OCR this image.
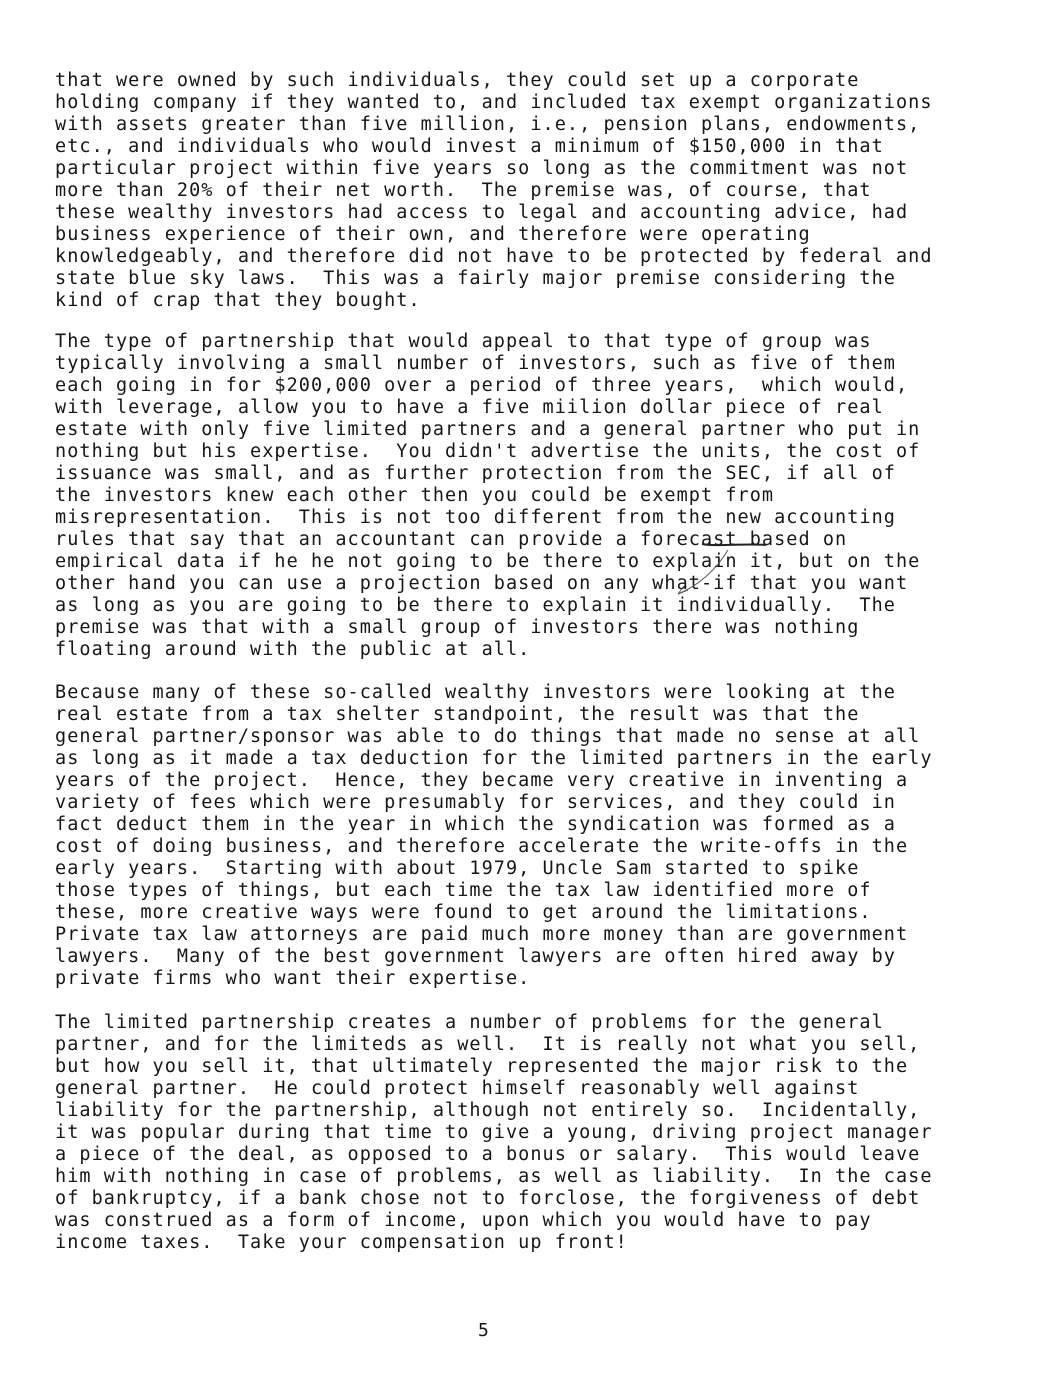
that were owned by such individuals, they could set up a corporate
holding company if they wanted to, and included tax exempt organizations
with assets greater than five million, i.e., pension plans, endowments,
etc., and individuals who would invest a minimum of $150,000 in that
particular project within five years so long as the commitment was not
more than 20% of their net worth.  The premise was, of course, that
these wealthy investors had access to legal and accounting advice, had
business experience of their own, and therefore were operating
knowledgeably, and therefore did not have to be protected by federal and
state blue sky laws.  This was a fairly major premise considering the
kind of crap that they bought.
The type of partnership that would appeal to that type of group was
typically involving a small number of investors, such as five of them
each going in for $200,000 over a period of three years,  which would,
with leverage, allow you to have a five miilion dollar piece of real
estate with only five limited partners and a general partner who put in
nothing but his expertise.  You didn't advertise the units, the cost of
issuance was small, and as further protection from the SEC, if all of
the investors knew each other then you could be exempt from
misrepresentation.  This is not too different from the new accounting
rules that say that an accountant can provide a forecast based on
empirical data if he he not going to be there to explain it, but on the
other hand you can use a projection based on any what-if that you want
as long as you are going to be there to explain it individually.  The
premise was that with a small group of investors there was nothing
floating around with the public at all.
Because many of these so-called wealthy investors were looking at the
real estate from a tax shelter standpoint, the result was that the
general partner/sponsor was able to do things that made no sense at all
as long as it made a tax deduction for the limited partners in the early
years of the project.  Hence, they became very creative in inventing a
variety of fees which were presumably for services, and they could in
fact deduct them in the year in which the syndication was formed as a
cost of doing business, and therefore accelerate the write-offs in the
early years.  Starting with about 1979, Uncle Sam started to spike
those types of things, but each time the tax law identified more of
these, more creative ways were found to get around the limitations.
Private tax law attorneys are paid much more money than are government
lawyers.  Many of the best government lawyers are often hired away by
private firms who want their expertise.
The limited partnership creates a number of problems for the general
partner, and for the limiteds as well.  It is really not what you sell,
but how you sell it, that ultimately represented the major risk to the
general partner.  He could protect himself reasonably well against
liability for the partnership, although not entirely so.  Incidentally,
it was popular during that time to give a young, driving project manager
a piece of the deal, as opposed to a bonus or salary.  This would leave
him with nothing in case of problems, as well as liability.  In the case
of bankruptcy, if a bank chose not to forclose, the forgiveness of debt
was construed as a form of income, upon which you would have to pay
income taxes.  Take your compensation up front!
5
